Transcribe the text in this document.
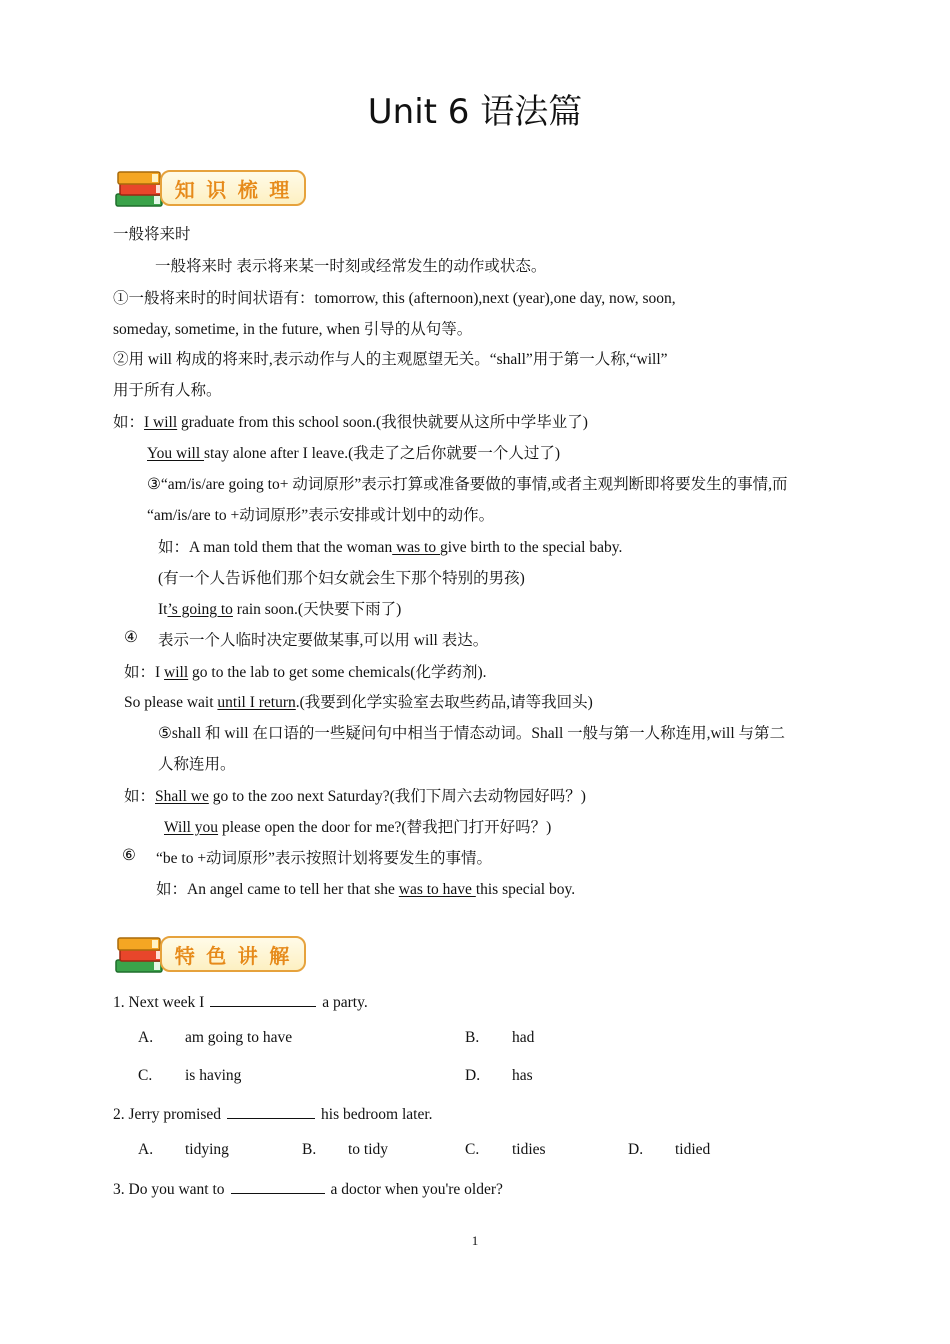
Unit 6 语法篇
知 识 梳 理
一般将来时
一般将来时 表示将来某一时刻或经常发生的动作或状态。
①一般将来时的时间状语有：tomorrow, this (afternoon),next (year),one day, now, soon,
someday, sometime, in the future, when 引导的从句等。
②用 will 构成的将来时,表示动作与人的主观愿望无关。“shall”用于第一人称,“will”
用于所有人称。
如：I will graduate from this school soon.(我很快就要从这所中学毕业了)
You will stay alone after I leave.(我走了之后你就要一个人过了)
③“am/is/are going to+ 动词原形”表示打算或准备要做的事情,或者主观判断即将要发生的事情,而
“am/is/are to +动词原形”表示安排或计划中的动作。
如：A man told them that the woman was to give birth to the special baby.
(有一个人告诉他们那个妇女就会生下那个特别的男孩)
It’s going to rain soon.(天快要下雨了)
④ 表示一个人临时决定要做某事,可以用 will 表达。
如：I will go to the lab to get some chemicals(化学药剂).
So please wait until I return.(我要到化学实验室去取些药品,请等我回头)
⑤shall 和 will 在口语的一些疑问句中相当于情态动词。Shall 一般与第一人称连用,will 与第二
人称连用。
如：Shall we go to the zoo next Saturday?(我们下周六去动物园好吗？)
Will you please open the door for me?(替我把门打开好吗？)
⑥ “be to +动词原形”表示按照计划将要发生的事情。
如：An angel came to tell her that she was to have this special boy.
特 色 讲 解
1. Next week I	a party.
A. am going to have	B. had
C. is having	D. has
2. Jerry promised	his bedroom later.
A. tidying	B. to tidy	C. tidies	D. tidied
3. Do you want to	a doctor when you're older?
1
